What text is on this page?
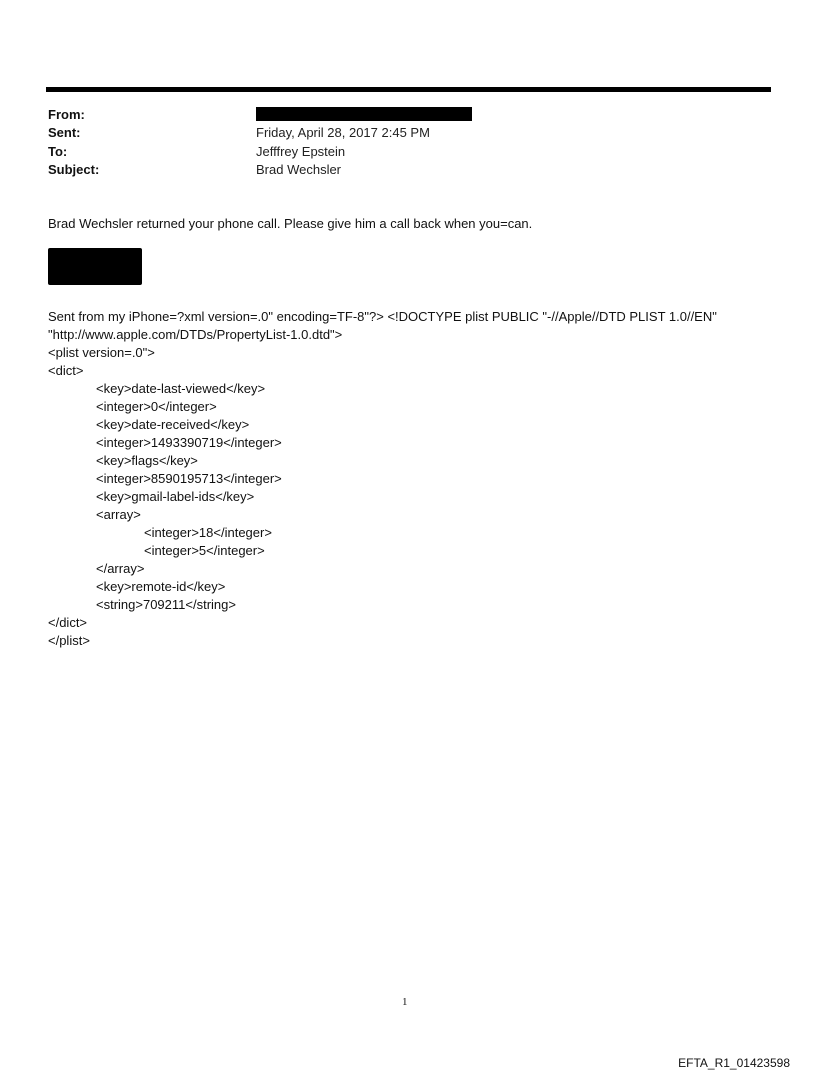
From:
Sent:	Friday, April 28, 2017 2:45 PM
To:	Jefffrey Epstein
Subject:	Brad Wechsler
Brad Wechsler returned your phone call. Please give him a call back when you=can.
Sent from my iPhone=?xml version=.0" encoding=TF-8"?> <!DOCTYPE plist PUBLIC "-//Apple//DTD PLIST 1.0//EN"
"http://www.apple.com/DTDs/PropertyList-1.0.dtd">
<plist version=.0">
<dict>
<key>date-last-viewed</key>
<integer>0</integer>
<key>date-received</key>
<integer>1493390719</integer>
<key>flags</key>
<integer>8590195713</integer>
<key>gmail-label-ids</key>
<array>
<integer>18</integer>
<integer>5</integer>
</array>
<key>remote-id</key>
<string>709211</string>
</dict>
</plist>
1
EFTA_R1_01423598
